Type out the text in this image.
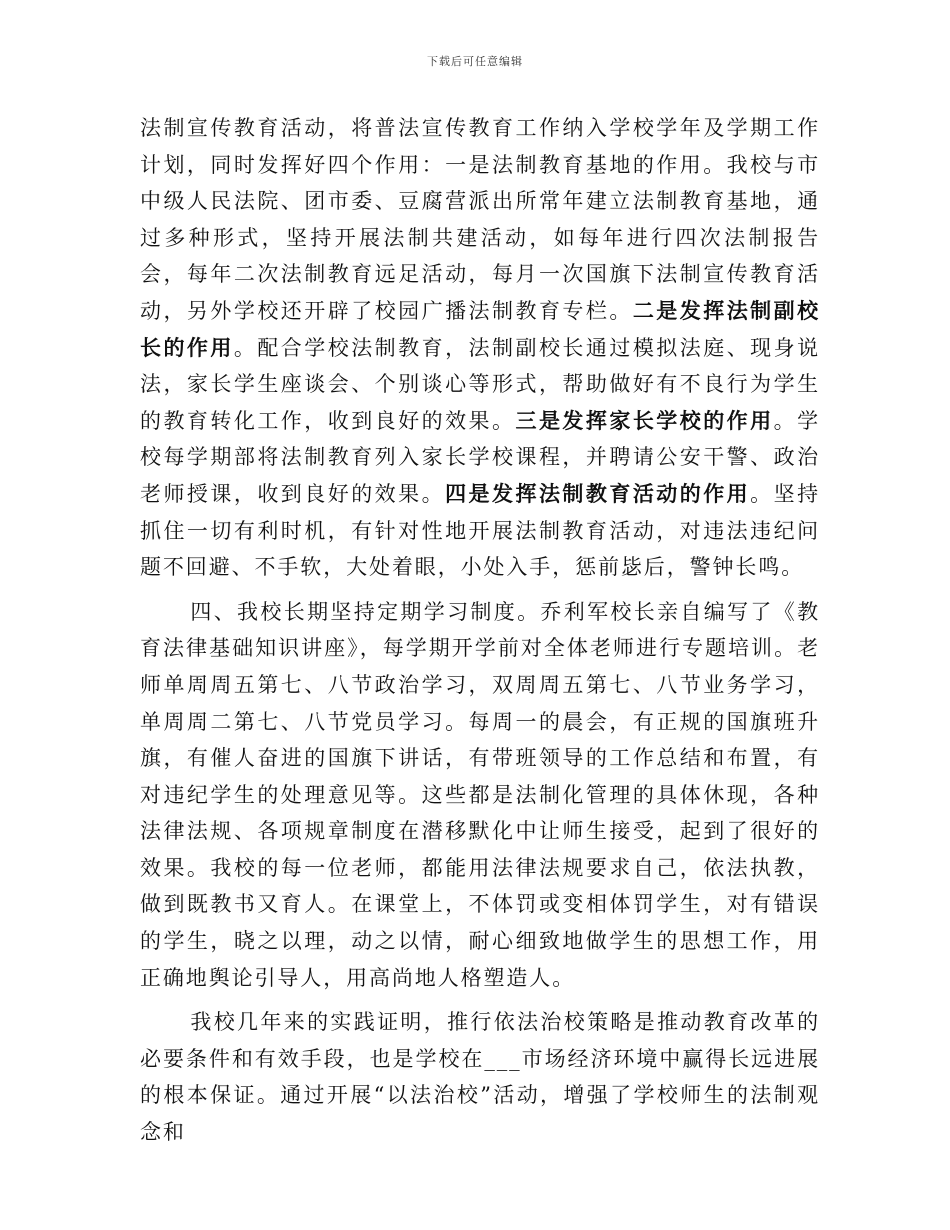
下载后可任意编辑

法制宣传教育活动，将普法宣传教育工作纳入学校学年及学期工作计划，同时发挥好四个作用：一是法制教育基地的作用。我校与市中级人民法院、团市委、豆腐营派出所常年建立法制教育基地，通过多种形式，坚持开展法制共建活动，如每年进行四次法制报告会，每年二次法制教育远足活动，每月一次国旗下法制宣传教育活动，另外学校还开辟了校园广播法制教育专栏。二是发挥法制副校长的作用。配合学校法制教育，法制副校长通过模拟法庭、现身说法，家长学生座谈会、个别谈心等形式，帮助做好有不良行为学生的教育转化工作，收到良好的效果。三是发挥家长学校的作用。学校每学期部将法制教育列入家长学校课程，并聘请公安干警、政治老师授课，收到良好的效果。四是发挥法制教育活动的作用。坚持抓住一切有利时机，有针对性地开展法制教育活动，对违法违纪问题不回避、不手软，大处着眼，小处入手，惩前毖后，警钟长鸣。

四、我校长期坚持定期学习制度。乔利军校长亲自编写了《教育法律基础知识讲座》，每学期开学前对全体老师进行专题培训。老师单周周五第七、八节政治学习，双周周五第七、八节业务学习，单周周二第七、八节党员学习。每周一的晨会，有正规的国旗班升旗，有催人奋进的国旗下讲话，有带班领导的工作总结和布置，有对违纪学生的处理意见等。这些都是法制化管理的具体休现，各种法律法规、各项规章制度在潜移默化中让师生接受，起到了很好的效果。我校的每一位老师，都能用法律法规要求自己，依法执教，做到既教书又育人。在课堂上，不体罚或变相体罚学生，对有错误的学生，晓之以理，动之以情，耐心细致地做学生的思想工作，用正确地舆论引导人，用高尚地人格塑造人。

我校几年来的实践证明，推行依法治校策略是推动教育改革的必要条件和有效手段，也是学校在___市场经济环境中赢得长远进展的根本保证。通过开展“以法治校”活动，增强了学校师生的法制观念和
